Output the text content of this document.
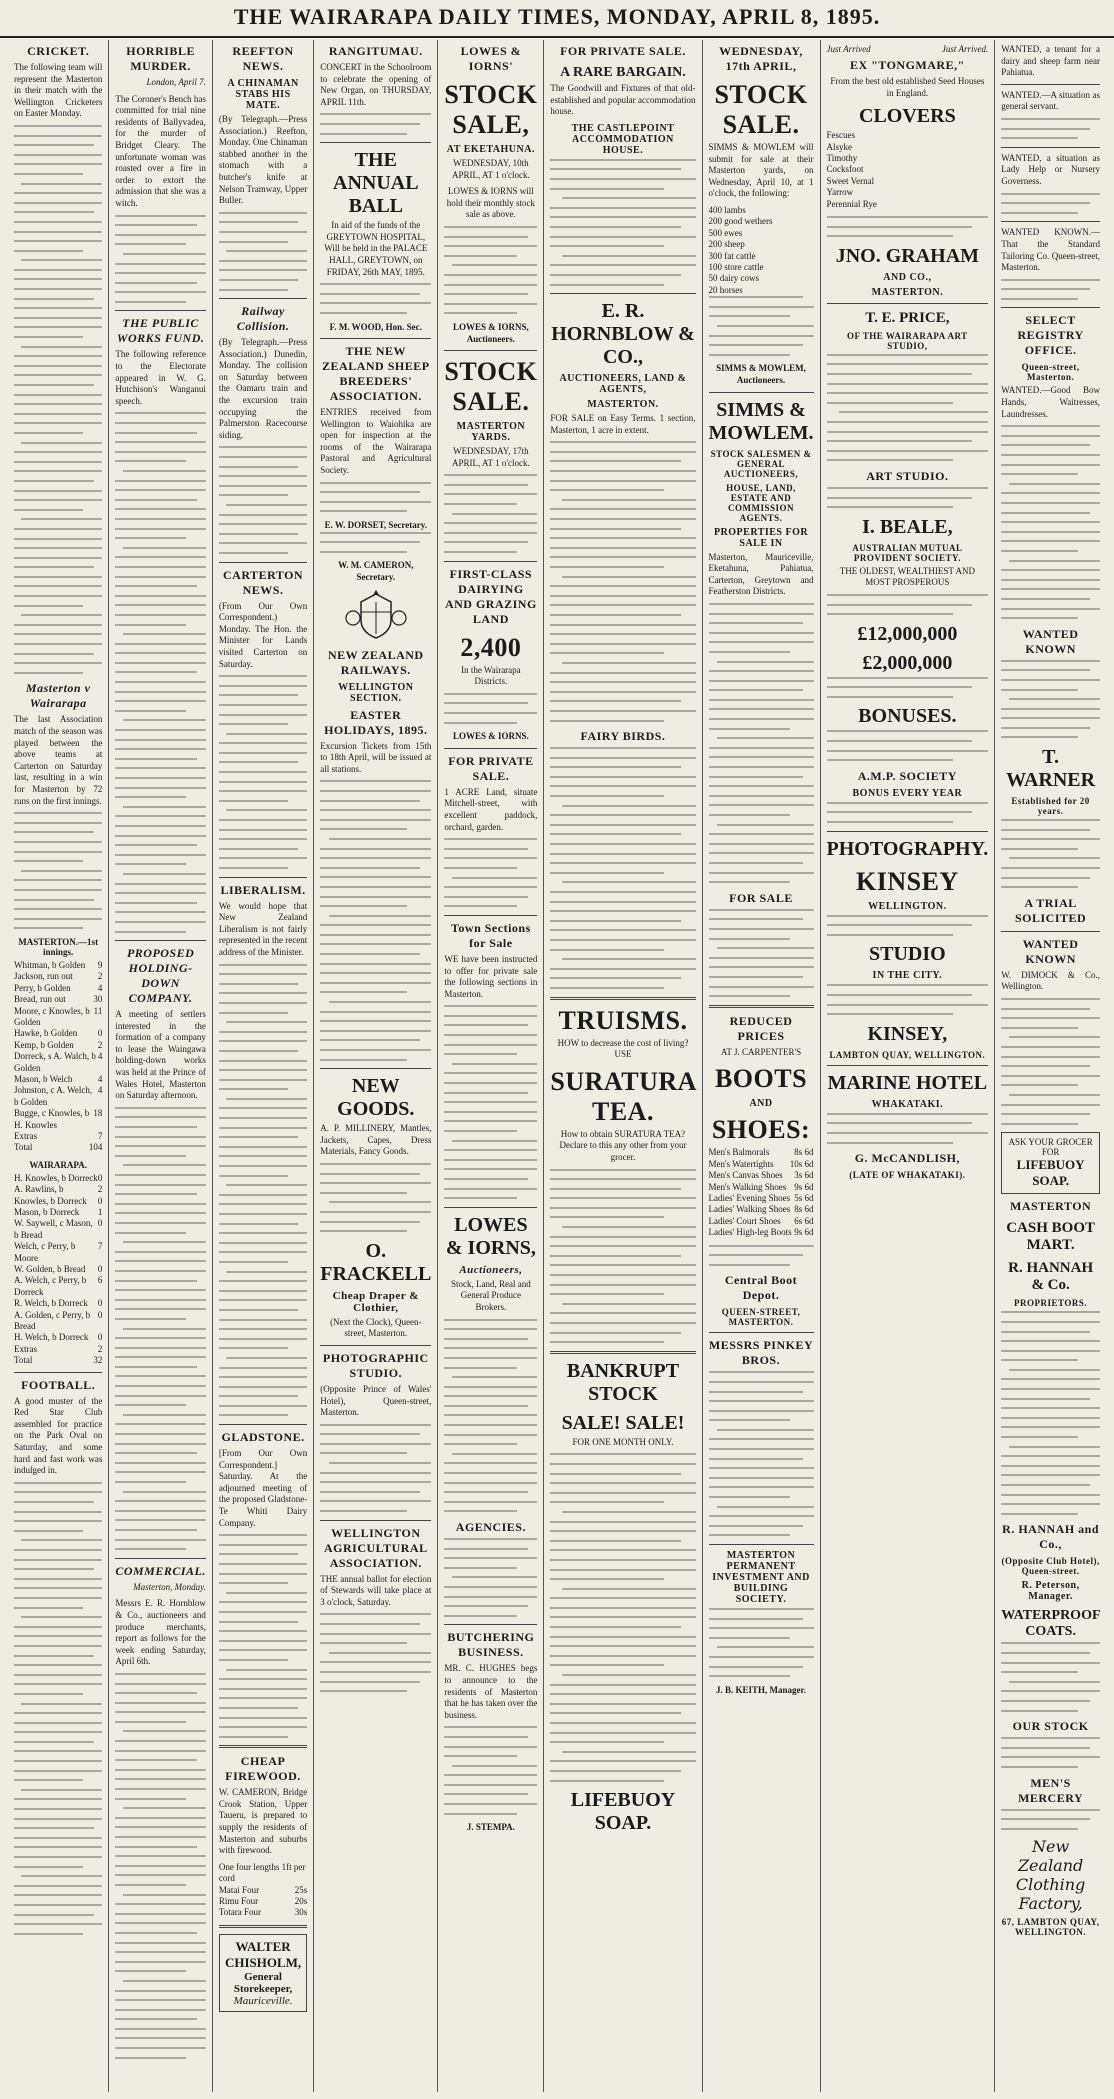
THE WAIRARAPA DAILY TIMES, MONDAY, APRIL 8, 1895.
CRICKET.

The following team will represent the Masterton in their match with the Wellington Cricketers on Easter Monday.

Masterton v Wairarapa

The last Association match of the season was played between the above teams at Carterton on Saturday last, resulting in a win for Masterton by 72 runs on the first innings.

MASTERTON.—1st innings.
Whitman, b Golden 9
Jackson, run out	2
Perry, b Golden	4
Bread, run out	30
Moore, c Knowles, b Golden
11
Hawke, b Golden 0
Kemp, b Golden	2
Dorreck, s A. Walch, b Golden
4
Mason, b Welch	4
Johnston, c A. Welch, b Golden
4
Bugge, c Knowles, b H. Knowles
18
Extras	7
Total	104
WAIRARAPA.
H. Knowles, b Dorreck 0
A. Rawlins, b	2
Knowles, b Dorreck 0
Mason, b Dorreck 1
W. Saywell, c Mason, b Bread
0
Welch, c Perry, b Moore
7
W. Golden, b Bread 0
A. Welch, c Perry, b Dorreck
6
R. Welch, b Dorreck 0
A. Golden, c Perry, b Bread
0
H. Welch, b Dorreck 0
Extras	2
Total	32
FOOTBALL.

A good muster of the Red Star Club assembled for practice on the Park Oval on Saturday, and some hard and fast work was indulged in.

HORRIBLE MURDER.

London, April 7.

The Coroner's Bench has committed for trial nine residents of Ballyvadea, for the murder of Bridget Cleary. The unfortunate woman was roasted over a fire in order to extort the admission that she was a witch.

THE PUBLIC WORKS FUND.

The following reference to the Electorate appeared in W. G. Hutchison's Wanganui speech.

PROPOSED HOLDING-DOWN COMPANY.

A meeting of settlers interested in the formation of a company to lease the Waingawa holding-down works was held at the Prince of Wales Hotel, Masterton on Saturday afternoon.

COMMERCIAL.

Masterton, Monday.

Messrs E. R. Hornblow & Co., auctioneers and produce merchants, report as follows for the week ending Saturday, April 6th.

REEFTON NEWS.
A CHINAMAN STABS HIS MATE.

(By Telegraph.—Press Association.) Reefton, Monday. One Chinaman stabbed another in the stomach with a butcher's knife at Nelson Tramway, Upper Buller.

Railway Collision.

(By Telegraph.—Press Association.) Dunedin, Monday. The collision on Saturday between the Oamaru train and the excursion train occupying the Palmerston Racecourse siding.

CARTERTON NEWS.

(From Our Own Correspondent.) Monday. The Hon. the Minister for Lands visited Carterton on Saturday.

LIBERALISM.

We would hope that New Zealand Liberalism is not fairly represented in the recent address of the Minister.

GLADSTONE.

[From Our Own Correspondent.] Saturday. At the adjourned meeting of the proposed Gladstone-Te Whiti Dairy Company.

CHEAP FIREWOOD.

W. CAMERON, Bridge Crook Station, Upper Taueru, is prepared to supply the residents of Masterton and suburbs with firewood.

One four lengths 1ft per cord
Matai Four	25s
Rimu Four	20s
Totara Four	30s
WALTER CHISHOLM,
General Storekeeper,
Mauriceville.
RANGITUMAU.

CONCERT in the Schoolroom to celebrate the opening of New Organ, on THURSDAY, APRIL 11th.

THE ANNUAL BALL

In aid of the funds of the GREYTOWN HOSPITAL, Will be held in the PALACE HALL, GREYTOWN, on FRIDAY, 26th MAY, 1895.

F. M. WOOD, Hon. Sec.
THE NEW ZEALAND SHEEP BREEDERS' ASSOCIATION.

ENTRIES received from Wellington to Waiohika are open for inspection at the rooms of the Wairarapa Pastoral and Agricultural Society.

E. W. DORSET, Secretary.
W. M. CAMERON, Secretary.
NEW ZEALAND RAILWAYS.
WELLINGTON SECTION.
EASTER HOLIDAYS, 1895.

Excursion Tickets from 15th to 18th April, will be issued at all stations.

NEW GOODS.

A. P. MILLINERY, Mantles, Jackets, Capes, Dress Materials, Fancy Goods.

O. FRACKELL
Cheap Draper & Clothier,

(Next the Clock), Queen-street, Masterton.

PHOTOGRAPHIC STUDIO.

(Opposite Prince of Wales' Hotel), Queen-street, Masterton.

WELLINGTON AGRICULTURAL ASSOCIATION.

THE annual ballot for election of Stewards will take place at 3 o'clock, Saturday.

LOWES & IORNS'
STOCK SALE,
AT EKETAHUNA.

WEDNESDAY, 10th APRIL, AT 1 o'clock.

LOWES & IORNS will hold their monthly stock sale as above.

LOWES & IORNS, Auctioneers.
STOCK SALE.
MASTERTON YARDS.

WEDNESDAY, 17th APRIL, AT 1 o'clock.

FIRST-CLASS DAIRYING AND GRAZING LAND
2,400

In the Wairarapa Districts.

LOWES & IORNS.
FOR PRIVATE SALE.

1 ACRE Land, situate Mitchell-street, with excellent paddock, orchard, garden.

Town Sections for Sale

WE have been instructed to offer for private sale the following sections in Masterton.

LOWES & IORNS,
Auctioneers,

Stock, Land, Real and General Produce Brokers.

AGENCIES.
BUTCHERING BUSINESS.

MR. C. HUGHES begs to announce to the residents of Masterton that he has taken over the business.

J. STEMPA.
FOR PRIVATE SALE.
A RARE BARGAIN.

The Goodwill and Fixtures of that old-established and popular accommodation house.

THE CASTLEPOINT ACCOMMODATION HOUSE.
E. R. HORNBLOW & CO.,
AUCTIONEERS, LAND & AGENTS,
MASTERTON.

FOR SALE on Easy Terms. 1 section, Masterton, 1 acre in extent.

FAIRY BIRDS.
TRUISMS.

HOW to decrease the cost of living? USE

SURATURA TEA.

How to obtain SURATURA TEA? Declare to this any other from your grocer.

BANKRUPT STOCK
SALE! SALE!

FOR ONE MONTH ONLY.

LIFEBUOY SOAP.
WEDNESDAY, 17th APRIL,
STOCK SALE.

SIMMS & MOWLEM will submit for sale at their Masterton yards, on Wednesday, April 10, at 1 o'clock, the following:

400 lambs
200 good wethers
500 ewes
200 sheep
300 fat cattle
100 store cattle
50 dairy cows
20 horses
SIMMS & MOWLEM, Auctioneers.
SIMMS & MOWLEM.
STOCK SALESMEN & GENERAL AUCTIONEERS,
HOUSE, LAND, ESTATE AND COMMISSION AGENTS.
PROPERTIES FOR SALE IN

Masterton, Mauriceville, Eketahuna, Pahiatua, Carterton, Greytown and Featherston Districts.

FOR SALE
REDUCED PRICES

AT J. CARPENTER'S

BOOTS
AND
SHOES:
Men's Balmorals	8s 6d
Men's Watertights 10s 6d
Men's Canvas Shoes 3s 6d
Men's Walking Shoes 9s 6d
Ladies' Evening Shoes 5s 6d
Ladies' Walking Shoes 8s 6d
Ladies' Court Shoes 6s 6d
Ladies' High-leg Boots 9s 6d
Central Boot Depot.
QUEEN-STREET, MASTERTON.
MESSRS PINKEY BROS.
MASTERTON PERMANENT INVESTMENT AND BUILDING SOCIETY.
J. B. KEITH, Manager.
Just Arrived	Just Arrived.
EX "TONGMARE,"

From the best old established Seed Houses in England.

CLOVERS
Fescues
Alsyke
Timothy
Cocksfoot
Sweet Vernal
Yarrow
Perennial Rye
JNO. GRAHAM
AND CO.,
MASTERTON.
T. E. PRICE,
OF THE WAIRARAPA ART STUDIO,
ART STUDIO.
I. BEALE,
AUSTRALIAN MUTUAL PROVIDENT SOCIETY.

THE OLDEST, WEALTHIEST AND MOST PROSPEROUS

£12,000,000
£2,000,000
BONUSES.
A.M.P. SOCIETY
BONUS EVERY YEAR
PHOTOGRAPHY.
KINSEY
WELLINGTON.
STUDIO
IN THE CITY.
KINSEY,
LAMBTON QUAY, WELLINGTON.
MARINE HOTEL
WHAKATAKI.
G. McCANDLISH,
(LATE OF WHAKATAKI).

WANTED, a tenant for a dairy and sheep farm near Pahiatua.

WANTED.—A situation as general servant.

WANTED, a situation as Lady Help or Nursery Governess.

WANTED KNOWN.—That the Standard Tailoring Co. Queen-street, Masterton.

SELECT REGISTRY OFFICE.
Queen-street, Masterton.

WANTED.—Good Bow Hands, Waitresses, Laundresses.

WANTED KNOWN
T. WARNER
Established for 20 years.
A TRIAL SOLICITED
WANTED KNOWN

W. DIMOCK & Co., Wellington.

ASK YOUR GROCER FOR
LIFEBUOY SOAP.
MASTERTON
CASH BOOT MART.
R. HANNAH & Co.
PROPRIETORS.
R. HANNAH and Co.,
(Opposite Club Hotel), Queen-street.
R. Peterson, Manager.
WATERPROOF COATS.
OUR STOCK
MEN'S MERCERY
New Zealand Clothing Factory,
67, LAMBTON QUAY, WELLINGTON.
